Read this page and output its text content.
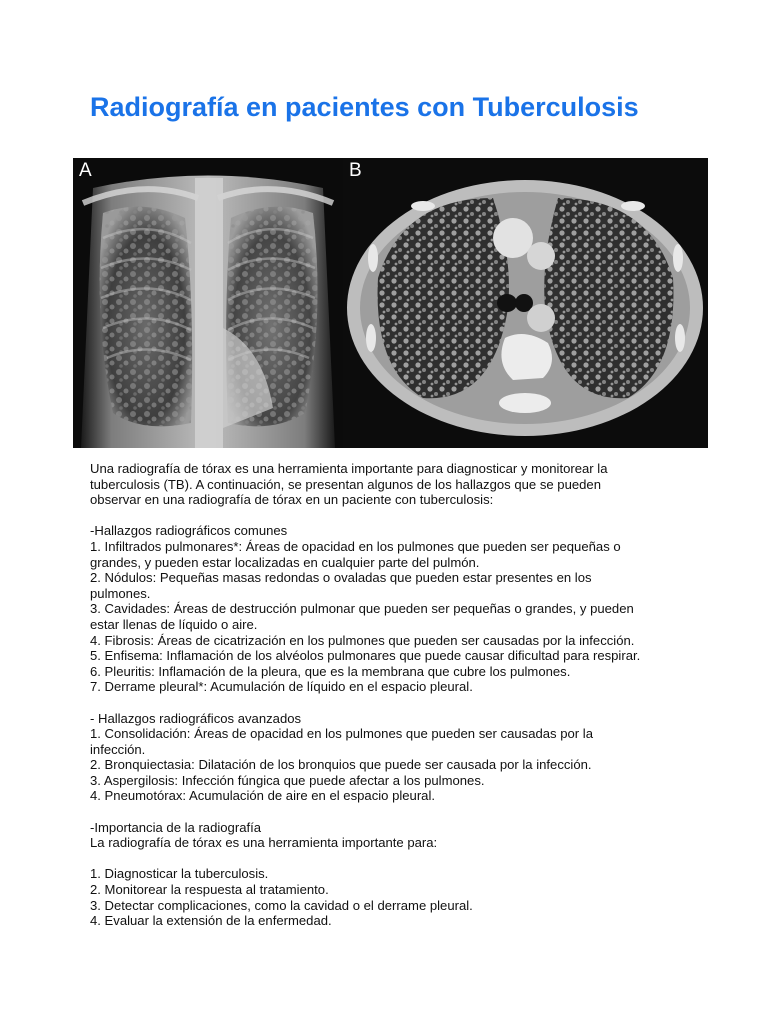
Radiografía en pacientes con Tuberculosis
A	B

Una radiografía de tórax es una herramienta importante para diagnosticar y monitorear la

tuberculosis (TB). A continuación, se presentan algunos de los hallazgos que se pueden

observar en una radiografía de tórax en un paciente con tuberculosis:

-Hallazgos radiográficos comunes

1. Infiltrados pulmonares*: Áreas de opacidad en los pulmones que pueden ser pequeñas o

grandes, y pueden estar localizadas en cualquier parte del pulmón.

2. Nódulos: Pequeñas masas redondas o ovaladas que pueden estar presentes en los

pulmones.

3. Cavidades: Áreas de destrucción pulmonar que pueden ser pequeñas o grandes, y pueden

estar llenas de líquido o aire.

4. Fibrosis: Áreas de cicatrización en los pulmones que pueden ser causadas por la infección.

5. Enfisema: Inflamación de los alvéolos pulmonares que puede causar dificultad para respirar.

6. Pleuritis: Inflamación de la pleura, que es la membrana que cubre los pulmones.

7. Derrame pleural*: Acumulación de líquido en el espacio pleural.

- Hallazgos radiográficos avanzados

1. Consolidación: Áreas de opacidad en los pulmones que pueden ser causadas por la

infección.

2. Bronquiectasia: Dilatación de los bronquios que puede ser causada por la infección.

3. Aspergilosis: Infección fúngica que puede afectar a los pulmones.

4. Pneumotórax: Acumulación de aire en el espacio pleural.

-Importancia de la radiografía

La radiografía de tórax es una herramienta importante para:

1. Diagnosticar la tuberculosis.

2. Monitorear la respuesta al tratamiento.

3. Detectar complicaciones, como la cavidad o el derrame pleural.

4. Evaluar la extensión de la enfermedad.
